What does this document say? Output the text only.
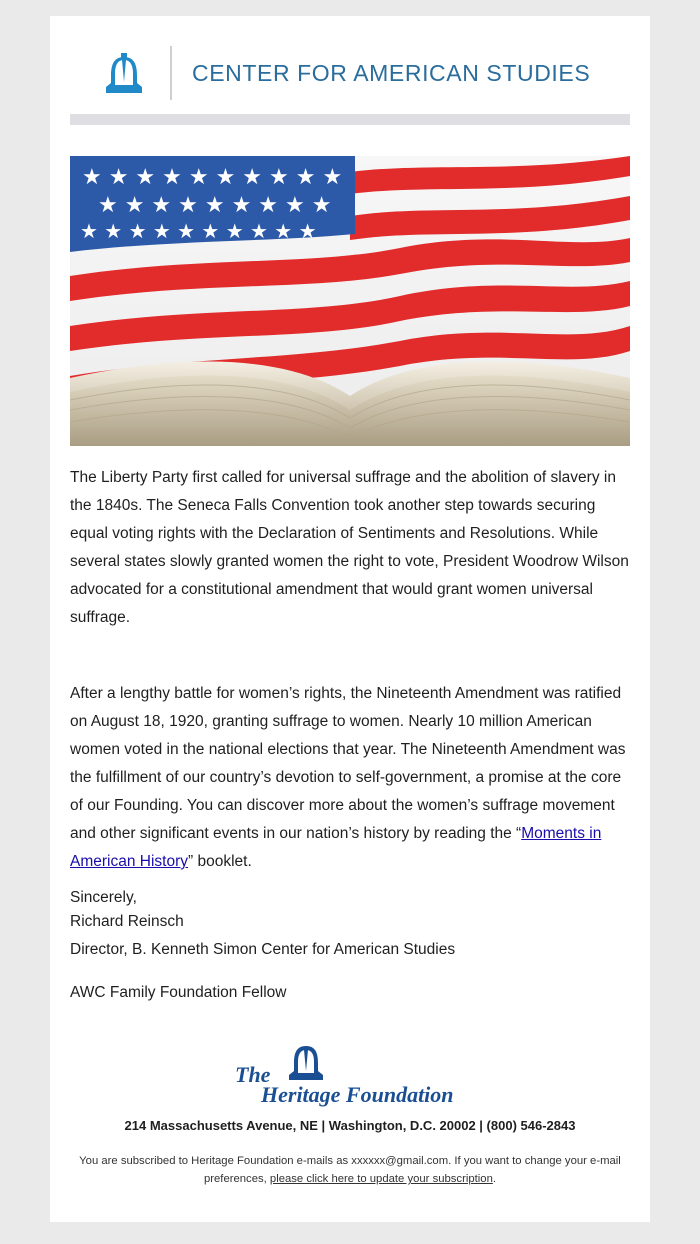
CENTER FOR AMERICAN STUDIES
★ ★ ★ ★ ★ ★ ★ ★ ★ ★
★ ★ ★ ★ ★ ★ ★ ★ ★
★ ★ ★ ★ ★ ★ ★ ★ ★ ★
The Liberty Party first called for universal suffrage and the abolition of slavery in the 1840s. The Seneca Falls Convention took another step towards securing equal voting rights with the Declaration of Sentiments and Resolutions. While several states slowly granted women the right to vote, President Woodrow Wilson advocated for a constitutional amendment that would grant women universal suffrage.
After a lengthy battle for women’s rights, the Nineteenth Amendment was ratified on August 18, 1920, granting suffrage to women. Nearly 10 million American women voted in the national elections that year. The Nineteenth Amendment was the fulfillment of our country’s devotion to self-government, a promise at the core of our Founding. You can discover more about the women’s suffrage movement and other significant events in our nation’s history by reading the “Moments in American History” booklet.
Sincerely,
Richard Reinsch
Director, B. Kenneth Simon Center for American Studies
AWC Family Foundation Fellow
The
Heritage Foundation
214 Massachusetts Avenue, NE | Washington, D.C. 20002 | (800) 546-2843
You are subscribed to Heritage Foundation e-mails as xxxxxx@gmail.com. If you want to change your e-mail preferences, please click here to update your subscription.
